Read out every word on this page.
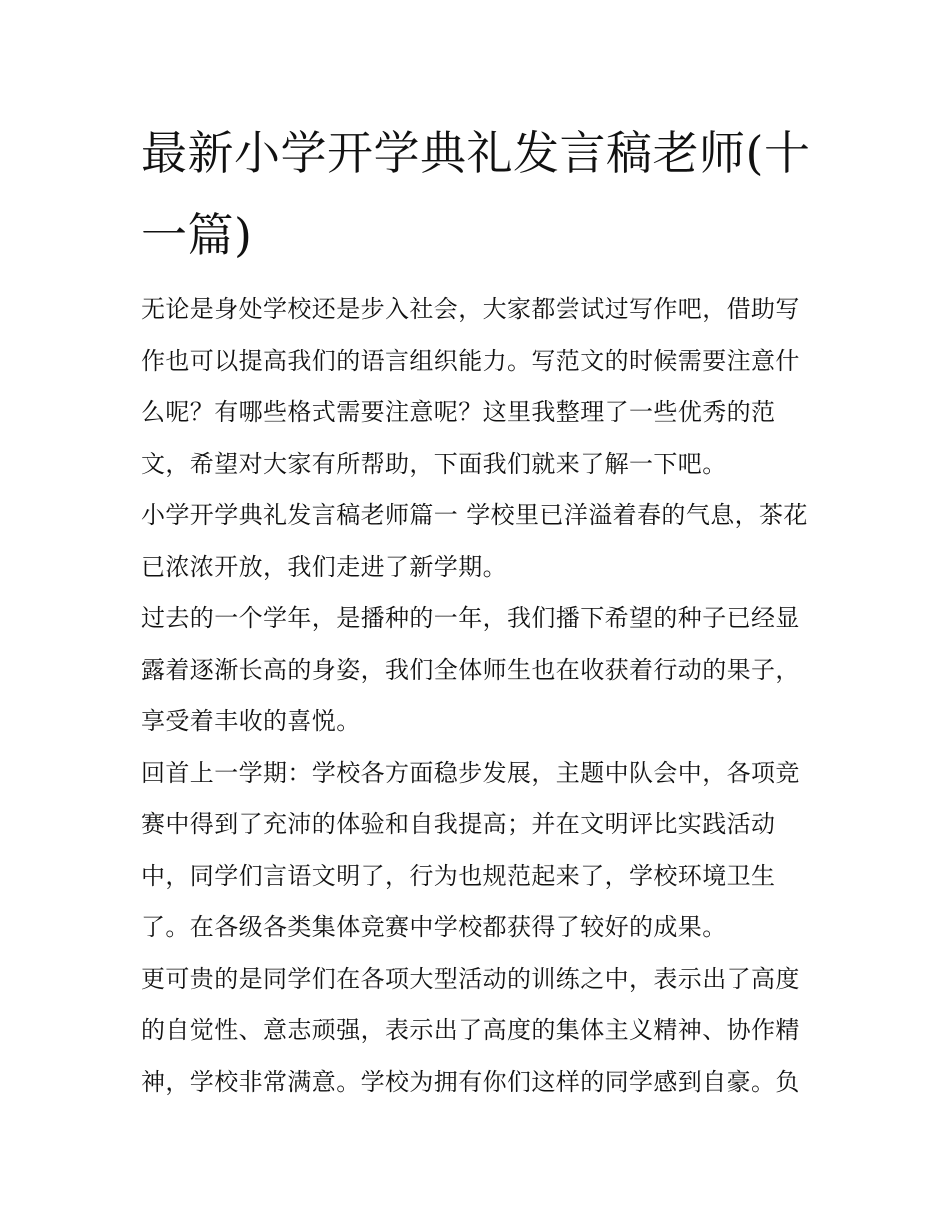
最新小学开学典礼发言稿老师(十一篇)

无论是身处学校还是步入社会，大家都尝试过写作吧，借助写作也可以提高我们的语言组织能力。写范文的时候需要注意什么呢？有哪些格式需要注意呢？这里我整理了一些优秀的范文，希望对大家有所帮助，下面我们就来了解一下吧。

小学开学典礼发言稿老师篇一 学校里已洋溢着春的气息，茶花已浓浓开放，我们走进了新学期。

过去的一个学年，是播种的一年，我们播下希望的种子已经显露着逐渐长高的身姿，我们全体师生也在收获着行动的果子，享受着丰收的喜悦。

回首上一学期：学校各方面稳步发展，主题中队会中，各项竞赛中得到了充沛的体验和自我提高；并在文明评比实践活动中，同学们言语文明了，行为也规范起来了，学校环境卫生了。在各级各类集体竞赛中学校都获得了较好的成果。

更可贵的是同学们在各项大型活动的训练之中，表示出了高度的自觉性、意志顽强，表示出了高度的集体主义精神、协作精神，学校非常满意。学校为拥有你们这样的同学感到自豪。负
